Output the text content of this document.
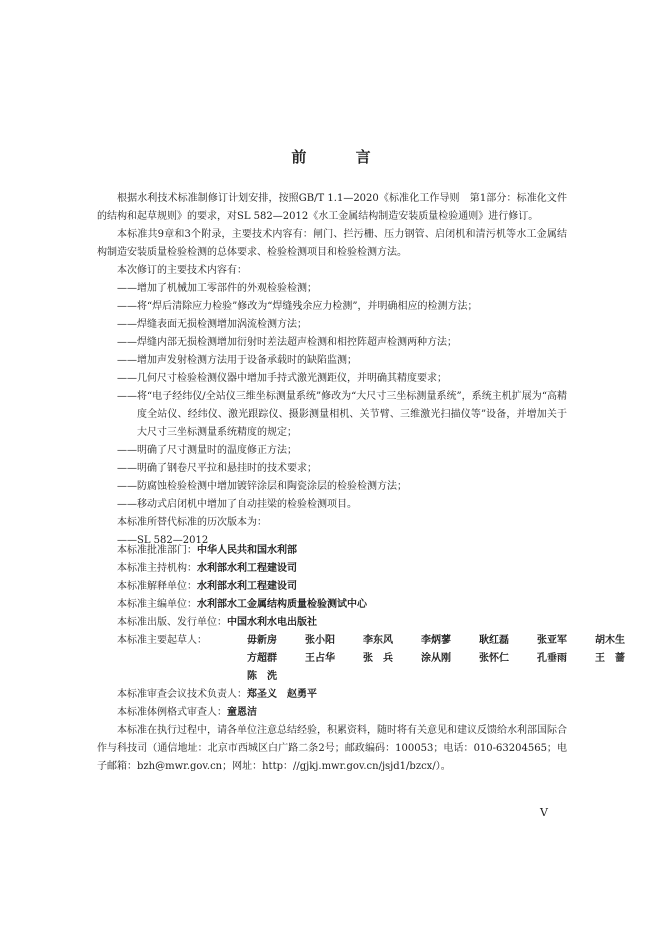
前 言

根据水利技术标准制修订计划安排，按照GB/T 1.1—2020《标准化工作导则　第1部分：标准化文件的结构和起草规则》的要求，对SL 582—2012《水工金属结构制造安装质量检验通则》进行修订。

本标准共9章和3个附录，主要技术内容有：闸门、拦污栅、压力钢管、启闭机和清污机等水工金属结构制造安装质量检验检测的总体要求、检验检测项目和检验检测方法。

本次修订的主要技术内容有：

——增加了机械加工零部件的外观检验检测；

——将“焊后清除应力检验”修改为“焊缝残余应力检测”，并明确相应的检测方法；

——焊缝表面无损检测增加涡流检测方法；

——焊缝内部无损检测增加衍射时差法超声检测和相控阵超声检测两种方法；

——增加声发射检测方法用于设备承载时的缺陷监测；

——几何尺寸检验检测仪器中增加手持式激光测距仪，并明确其精度要求；

——将“电子经纬仪/全站仪三维坐标测量系统”修改为“大尺寸三坐标测量系统”，系统主机扩展为“高精度全站仪、经纬仪、激光跟踪仪、摄影测量相机、关节臂、三维激光扫描仪等”设备，并增加关于大尺寸三坐标测量系统精度的规定；

——明确了尺寸测量时的温度修正方法；

——明确了钢卷尺平拉和悬挂时的技术要求；

——防腐蚀检验检测中增加镀锌涂层和陶瓷涂层的检验检测方法；

——移动式启闭机中增加了自动挂梁的检验检测项目。

本标准所替代标准的历次版本为：

——SL 582—2012

本标准批准部门：中华人民共和国水利部
本标准主持机构：水利部水利工程建设司
本标准解释单位：水利部水利工程建设司
本标准主编单位：水利部水工金属结构质量检验测试中心
本标准出版、发行单位：中国水利水电出版社
本标准主要起草人：	毋新房	张小阳	李东风	李炳蓼	耿红磊	张亚军	胡木生
方超群	王占华	张　兵	涂从刚	张怀仁	孔垂雨	王　蔷
陈　洗
本标准审查会议技术负责人：郑圣义　赵勇平
本标准体例格式审查人：童恩洁

本标准在执行过程中，请各单位注意总结经验，积累资料，随时将有关意见和建议反馈给水利部国际合作与科技司（通信地址：北京市西城区白广路二条2号；邮政编码：100053；电话：010-63204565；电子邮箱：bzh@mwr.gov.cn；网址：http：//gjkj.mwr.gov.cn/jsjd1/bzcx/）。

V
